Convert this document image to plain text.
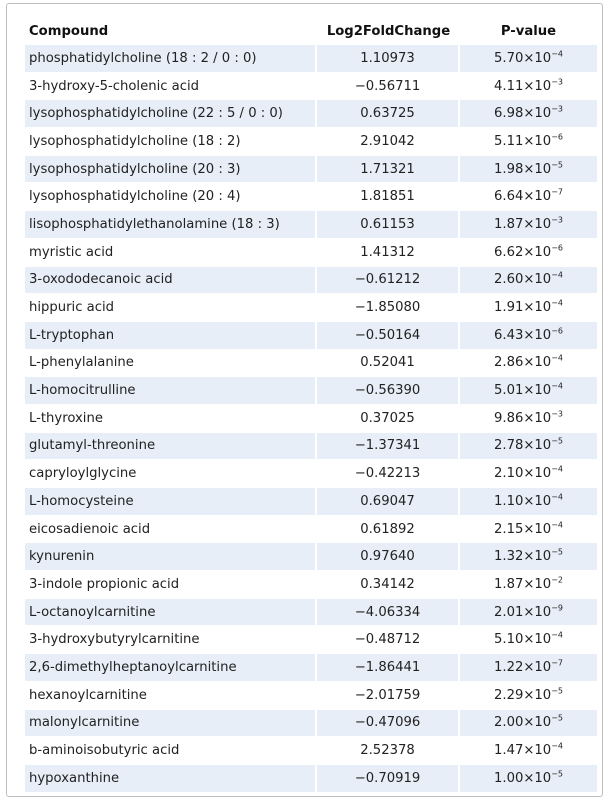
Compound	Log2FoldChange	P-value
phosphatidylcholine (18 : 2 / 0 : 0)	1.10973	$5.70\times 10^{-4}$
3-hydroxy-5-cholenic acid	−0.56711	$4.11\times 10^{-3}$
lysophosphatidylcholine (22 : 5 / 0 : 0)	0.63725	$6.98\times 10^{-3}$
lysophosphatidylcholine (18 : 2)	2.91042	$5.11\times 10^{-6}$
lysophosphatidylcholine (20 : 3)	1.71321	$1.98\times 10^{-5}$
lysophosphatidylcholine (20 : 4)	1.81851	$6.64\times 10^{-7}$
lisophosphatidylethanolamine (18 : 3)	0.61153	$1.87\times 10^{-3}$
myristic acid	1.41312	$6.62\times 10^{-6}$
3-oxododecanoic acid	−0.61212	$2.60\times 10^{-4}$
hippuric acid	−1.85080	$1.91\times 10^{-4}$
L-tryptophan	−0.50164	$6.43\times 10^{-6}$
L-phenylalanine	0.52041	$2.86\times 10^{-4}$
L-homocitrulline	−0.56390	$5.01\times 10^{-4}$
L-thyroxine	0.37025	$9.86\times 10^{-3}$
glutamyl-threonine	−1.37341	$2.78\times 10^{-5}$
capryloylglycine	−0.42213	$2.10\times 10^{-4}$
L-homocysteine	0.69047	$1.10\times 10^{-4}$
eicosadienoic acid	0.61892	$2.15\times 10^{-4}$
kynurenin	0.97640	$1.32\times 10^{-5}$
3-indole propionic acid	0.34142	$1.87\times 10^{-2}$
L-octanoylcarnitine	−4.06334	$2.01\times 10^{-9}$
3-hydroxybutyrylcarnitine	−0.48712	$5.10\times 10^{-4}$
2,6-dimethylheptanoylcarnitine	−1.86441	$1.22\times 10^{-7}$
hexanoylcarnitine	−2.01759	$2.29\times 10^{-5}$
malonylcarnitine	−0.47096	$2.00\times 10^{-5}$
b-aminoisobutyric acid	2.52378	$1.47\times 10^{-4}$
hypoxanthine	−0.70919	$1.00\times 10^{-5}$
